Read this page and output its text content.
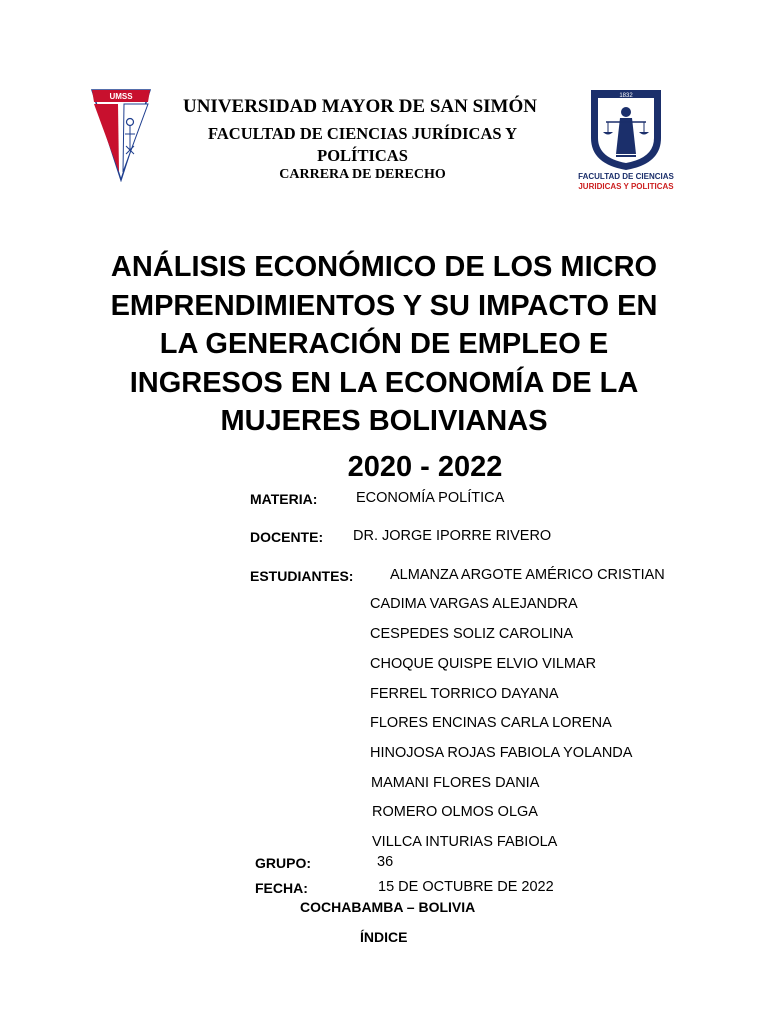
UMSS	UNIVERSIDAD MAYOR DE SAN SIMÓN
FACULTAD DE CIENCIAS JURÍDICAS Y
POLÍTICAS
CARRERA DE DERECHO
1832
FACULTAD DE CIENCIAS
JURIDICAS Y POLITICAS
ANÁLISIS ECONÓMICO DE LOS MICRO
EMPRENDIMIENTOS Y SU IMPACTO EN
LA GENERACIÓN DE EMPLEO E
INGRESOS EN LA ECONOMÍA DE LA
MUJERES BOLIVIANAS
2020 - 2022
MATERIA:	ECONOMÍA POLÍTICA
DOCENTE: DR. JORGE IPORRE RIVERO
ESTUDIANTES:	ALMANZA ARGOTE AMÉRICO CRISTIAN
CADIMA VARGAS ALEJANDRA
CESPEDES SOLIZ CAROLINA
CHOQUE QUISPE ELVIO VILMAR
FERREL TORRICO DAYANA
FLORES ENCINAS CARLA LORENA
HINOJOSA ROJAS FABIOLA YOLANDA
MAMANI FLORES DANIA
ROMERO OLMOS OLGA
VILLCA INTURIAS FABIOLA
GRUPO:	36
FECHA:	15 DE OCTUBRE DE 2022
COCHABAMBA – BOLIVIA
ÍNDICE
